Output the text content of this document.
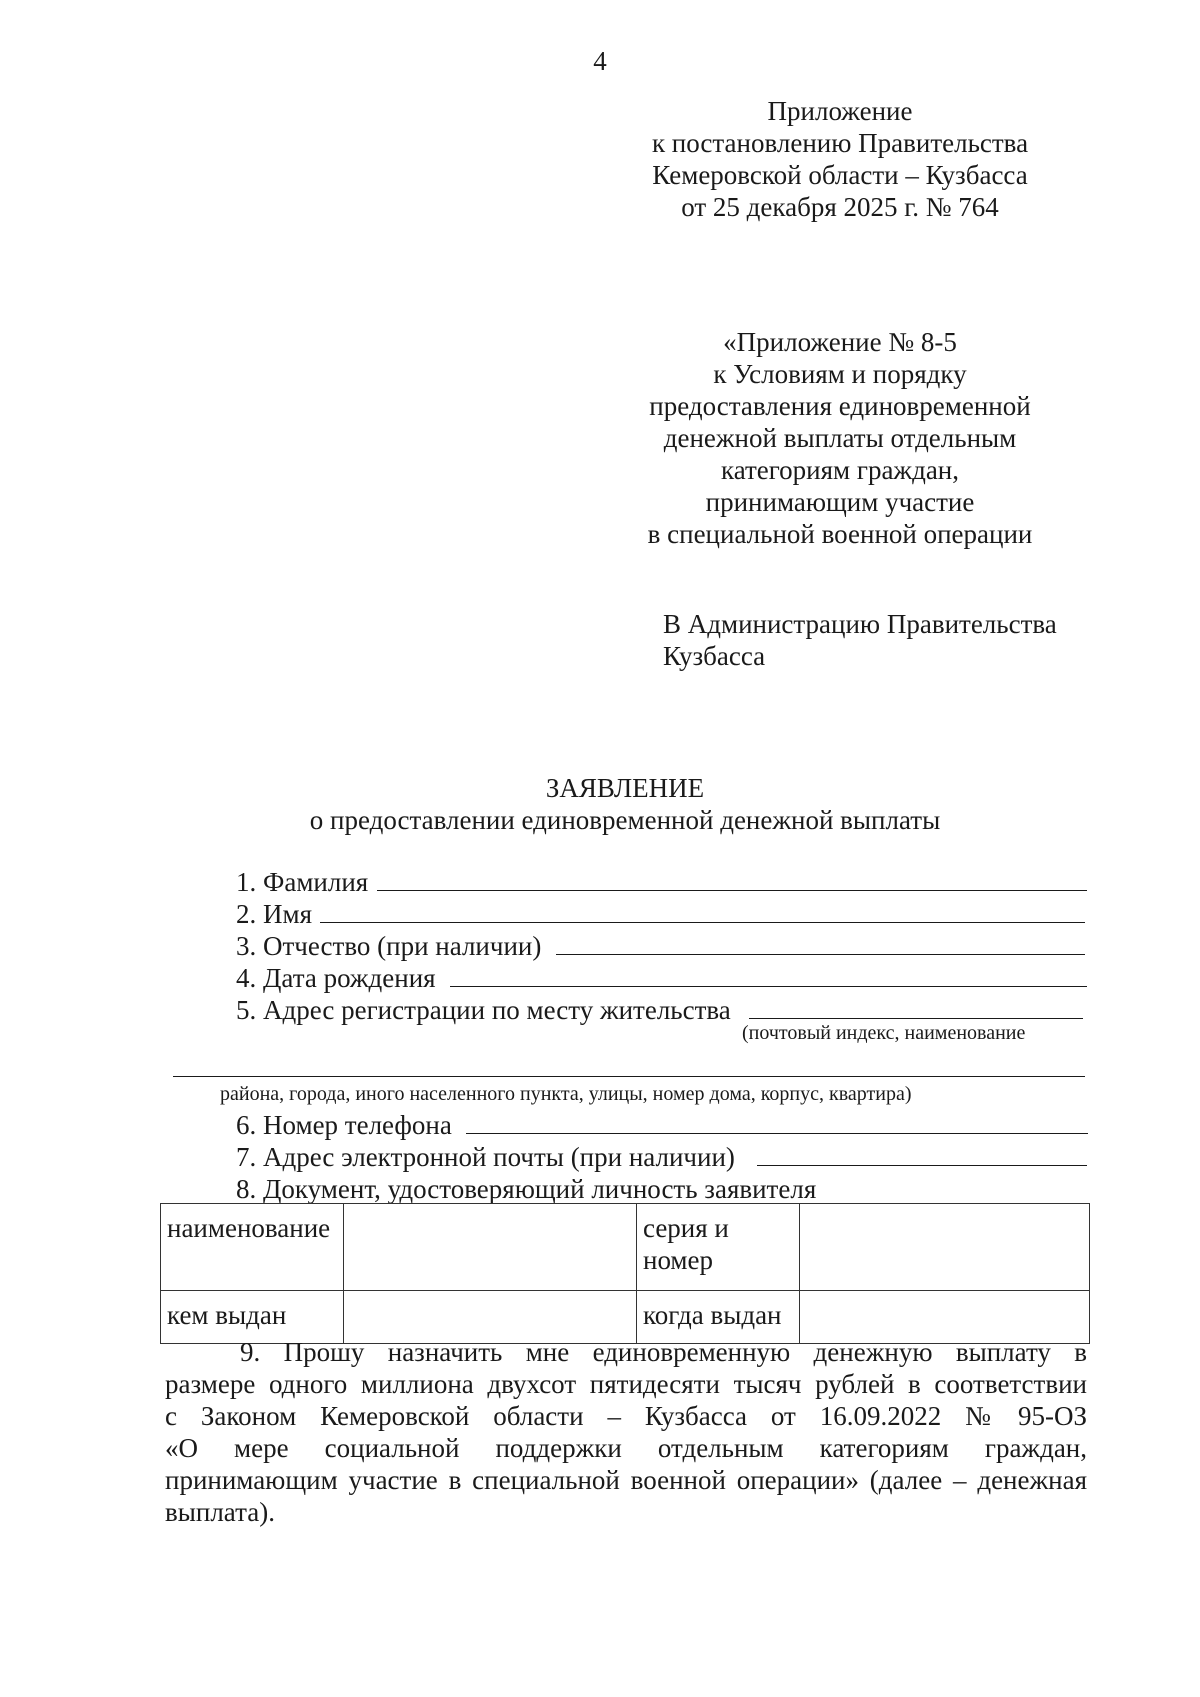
4
Приложение
к постановлению Правительства
Кемеровской области – Кузбасса
от 25 декабря 2025 г. № 764
«Приложение № 8-5
к Условиям и порядку
предоставления единовременной
денежной выплаты отдельным
категориям граждан,
принимающим участие
в специальной военной операции
В Администрацию Правительства
Кузбасса
ЗАЯВЛЕНИЕ
о предоставлении единовременной денежной выплаты
1. Фамилия
2. Имя
3. Отчество (при наличии)
4. Дата рождения
5. Адрес регистрации по месту жительства
(почтовый индекс, наименование
района, города, иного населенного пункта, улицы, номер дома, корпус, квартира)
6. Номер телефона
7. Адрес электронной почты (при наличии)
8. Документ, удостоверяющий личность заявителя
наименование		серия и номер	
кем выдан		когда выдан	
9. Прошу назначить мне единовременную денежную выплату в
размере одного миллиона двухсот пятидесяти тысяч рублей в соответствии
с Законом Кемеровской области – Кузбасса от 16.09.2022 № 95-ОЗ
«О мере социальной поддержки отдельным категориям граждан,
принимающим участие в специальной военной операции» (далее – денежная
выплата).
